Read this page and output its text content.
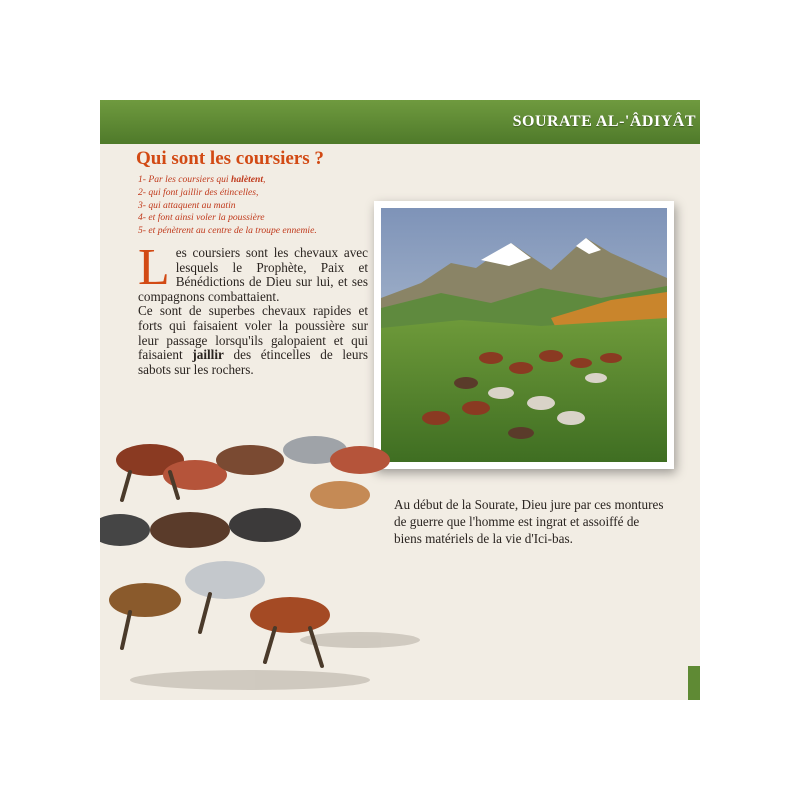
SOURATE AL-'ÂDIYÂT
Qui sont les coursiers ?
1- Par les coursiers qui halètent,
2- qui font jaillir des étincelles,
3- qui attaquent au matin
4- et font ainsi voler la poussière
5- et pénètrent au centre de la troupe ennemie.
L es coursiers sont les chevaux avec lesquels le Prophète, Paix et Bénédictions de Dieu sur lui, et ses compagnons combattaient.
Ce sont de superbes chevaux rapides et forts qui faisaient voler la poussière sur leur passage lorsqu'ils galopaient et qui faisaient jaillir des étincelles de leurs sabots sur les rochers.
Au début de la Sourate, Dieu jure par ces montures de guerre que l'homme est ingrat et assoiffé de biens matériels de la vie d'Ici-bas.
